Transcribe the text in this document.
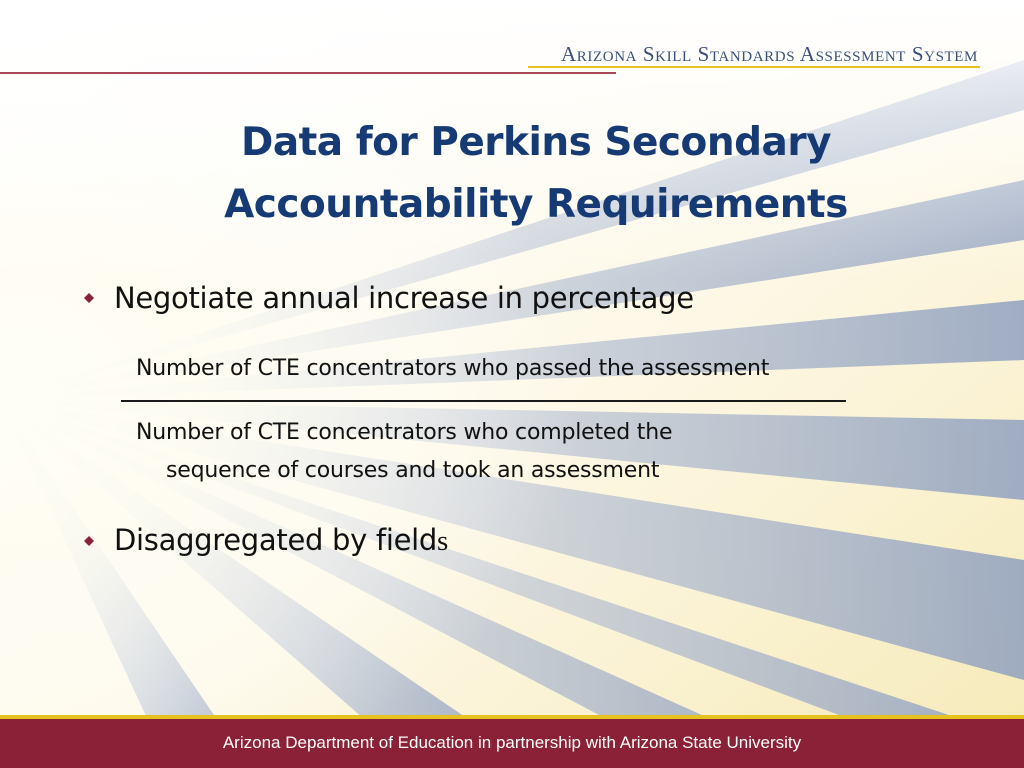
Arizona Skill Standards Assessment System
Data for Perkins Secondary
Accountability Requirements
Negotiate annual increase in percentage
Number of CTE concentrators who passed the assessment
Number of CTE concentrators who completed the
sequence of courses and took an assessment
Disaggregated by fields
Arizona Department of Education in partnership with Arizona State University
